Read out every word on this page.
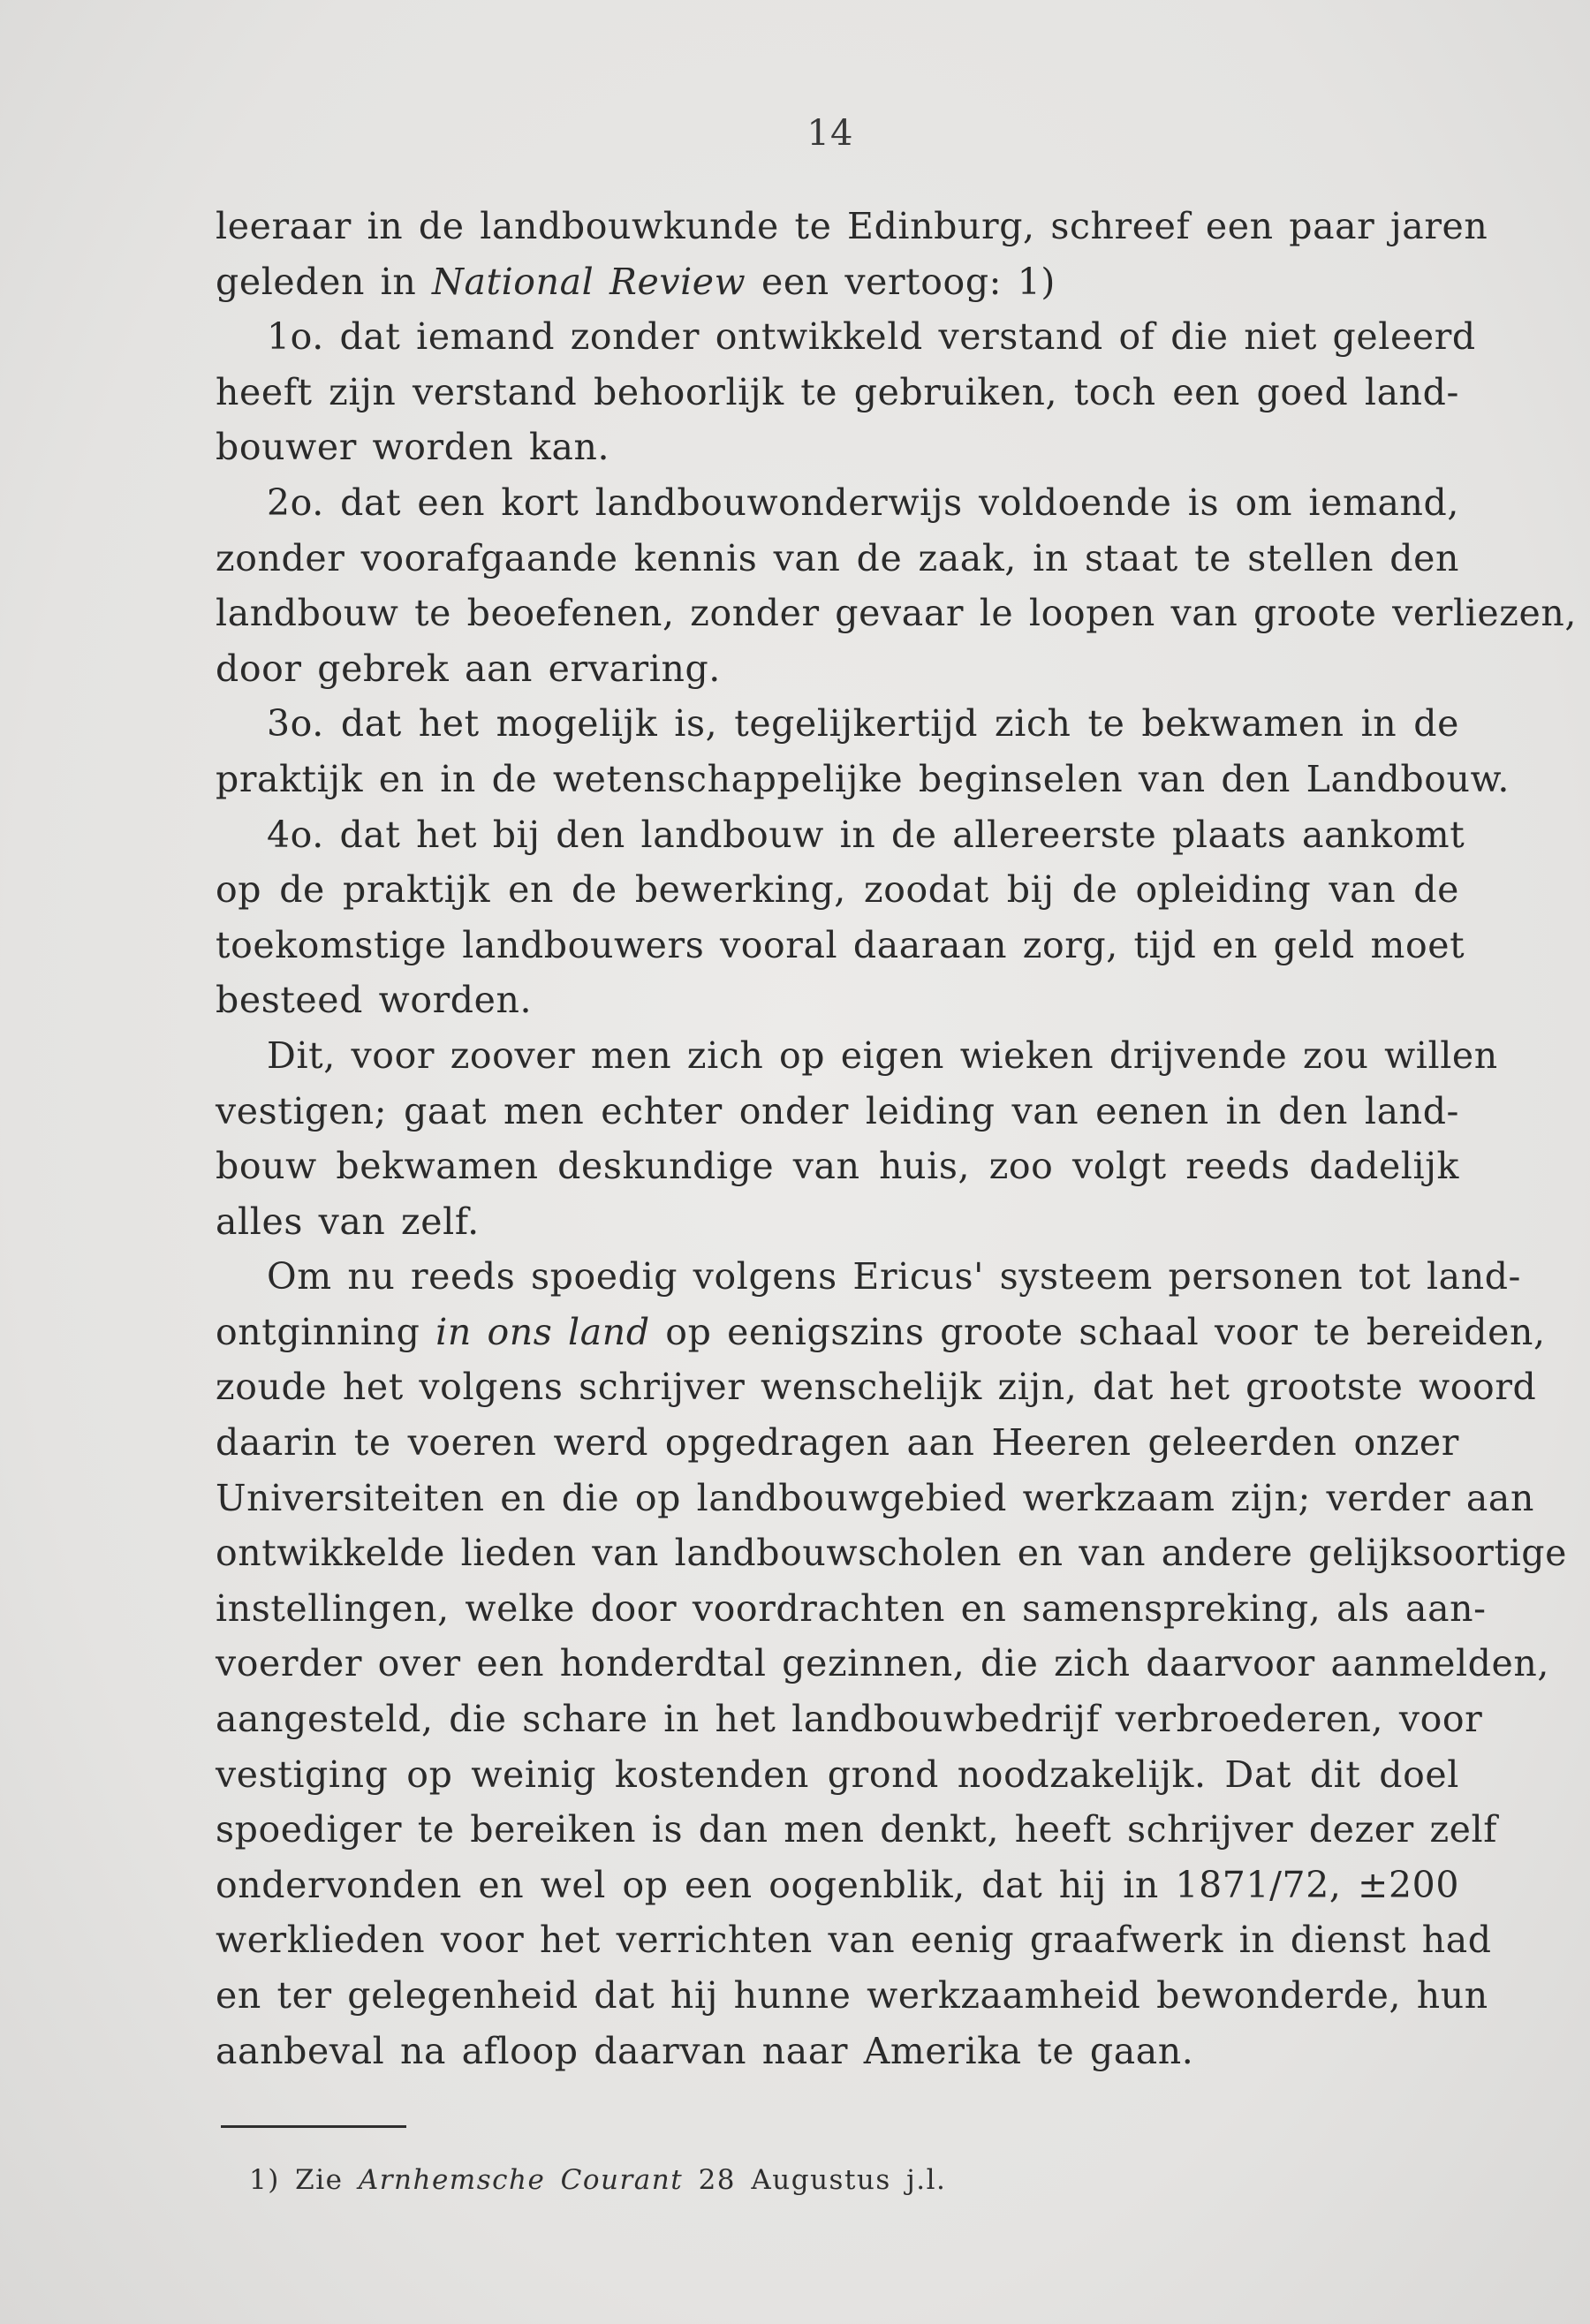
14
leeraar in de landbouwkunde te Edinburg, schreef een paar jaren
geleden in National Review een vertoog: 1)
1o. dat iemand zonder ontwikkeld verstand of die niet geleerd
heeft zijn verstand behoorlijk te gebruiken, toch een goed land-
bouwer worden kan.
2o. dat een kort landbouwonderwijs voldoende is om iemand,
zonder voorafgaande kennis van de zaak, in staat te stellen den
landbouw te beoefenen, zonder gevaar le loopen van groote verliezen,
door gebrek aan ervaring.
3o. dat het mogelijk is, tegelijkertijd zich te bekwamen in de
praktijk en in de wetenschappelijke beginselen van den Landbouw.
4o. dat het bij den landbouw in de allereerste plaats aankomt
op de praktijk en de bewerking, zoodat bij de opleiding van de
toekomstige landbouwers vooral daaraan zorg, tijd en geld moet
besteed worden.
Dit, voor zoover men zich op eigen wieken drijvende zou willen
vestigen; gaat men echter onder leiding van eenen in den land-
bouw bekwamen deskundige van huis, zoo volgt reeds dadelijk
alles van zelf.
Om nu reeds spoedig volgens Ericus' systeem personen tot land-
ontginning in ons land op eenigszins groote schaal voor te bereiden,
zoude het volgens schrijver wenschelijk zijn, dat het grootste woord
daarin te voeren werd opgedragen aan Heeren geleerden onzer
Universiteiten en die op landbouwgebied werkzaam zijn; verder aan
ontwikkelde lieden van landbouwscholen en van andere gelijksoortige
instellingen, welke door voordrachten en samenspreking, als aan-
voerder over een honderdtal gezinnen, die zich daarvoor aanmelden,
aangesteld, die schare in het landbouwbedrijf verbroederen, voor
vestiging op weinig kostenden grond noodzakelijk. Dat dit doel
spoediger te bereiken is dan men denkt, heeft schrijver dezer zelf
ondervonden en wel op een oogenblik, dat hij in 1871/72, ±200
werklieden voor het verrichten van eenig graafwerk in dienst had
en ter gelegenheid dat hij hunne werkzaamheid bewonderde, hun
aanbeval na afloop daarvan naar Amerika te gaan.
1) Zie Arnhemsche Courant 28 Augustus j.l.
